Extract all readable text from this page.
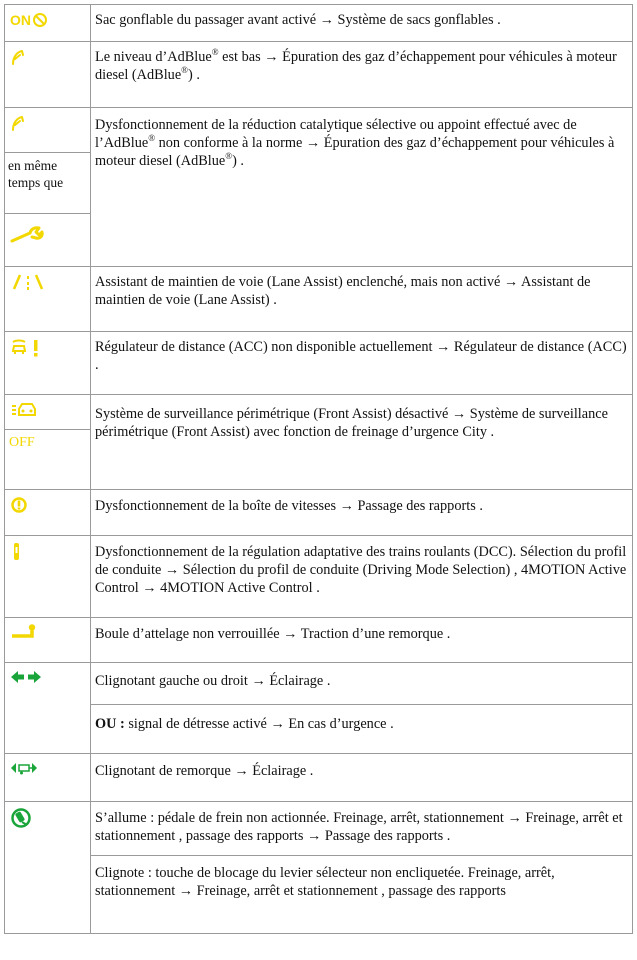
ON	Sac gonflable du passager avant activé → Système de sacs gonflables .

	Le niveau d’AdBlue® est bas → Épuration des gaz d’échappement pour véhicules à moteur diesel (AdBlue®) .

en même temps que	Dysfonctionnement de la réduction catalytique sélective ou appoint effectué avec de l’AdBlue® non conforme à la norme → Épuration des gaz d’échappement pour véhicules à moteur diesel (AdBlue®) .

	Assistant de maintien de voie (Lane Assist) enclenché, mais non activé → Assistant de maintien de voie (Lane Assist) .

	Régulateur de distance (ACC) non disponible actuellement → Régulateur de distance (ACC) .

OFF	Système de surveillance périmétrique (Front Assist) désactivé → Système de surveillance périmétrique (Front Assist) avec fonction de freinage d’urgence City .

	Dysfonctionnement de la boîte de vitesses → Passage des rapports .

	Dysfonctionnement de la régulation adaptative des trains roulants (DCC). Sélection du profil de conduite → Sélection du profil de conduite (Driving Mode Selection) , 4MOTION Active Control → 4MOTION Active Control .

	Boule d’attelage non verrouillée → Traction d’une remorque .

Clignotant gauche ou droit → Éclairage .
OU : signal de détresse activé → En cas d’urgence .

	Clignotant de remorque → Éclairage .

S’allume : pédale de frein non actionnée. Freinage, arrêt, stationnement → Freinage, arrêt et stationnement , passage des rapports → Passage des rapports .
Clignote : touche de blocage du levier sélecteur non encliquetée. Freinage, arrêt, stationnement → Freinage, arrêt et stationnement , passage des rapports
